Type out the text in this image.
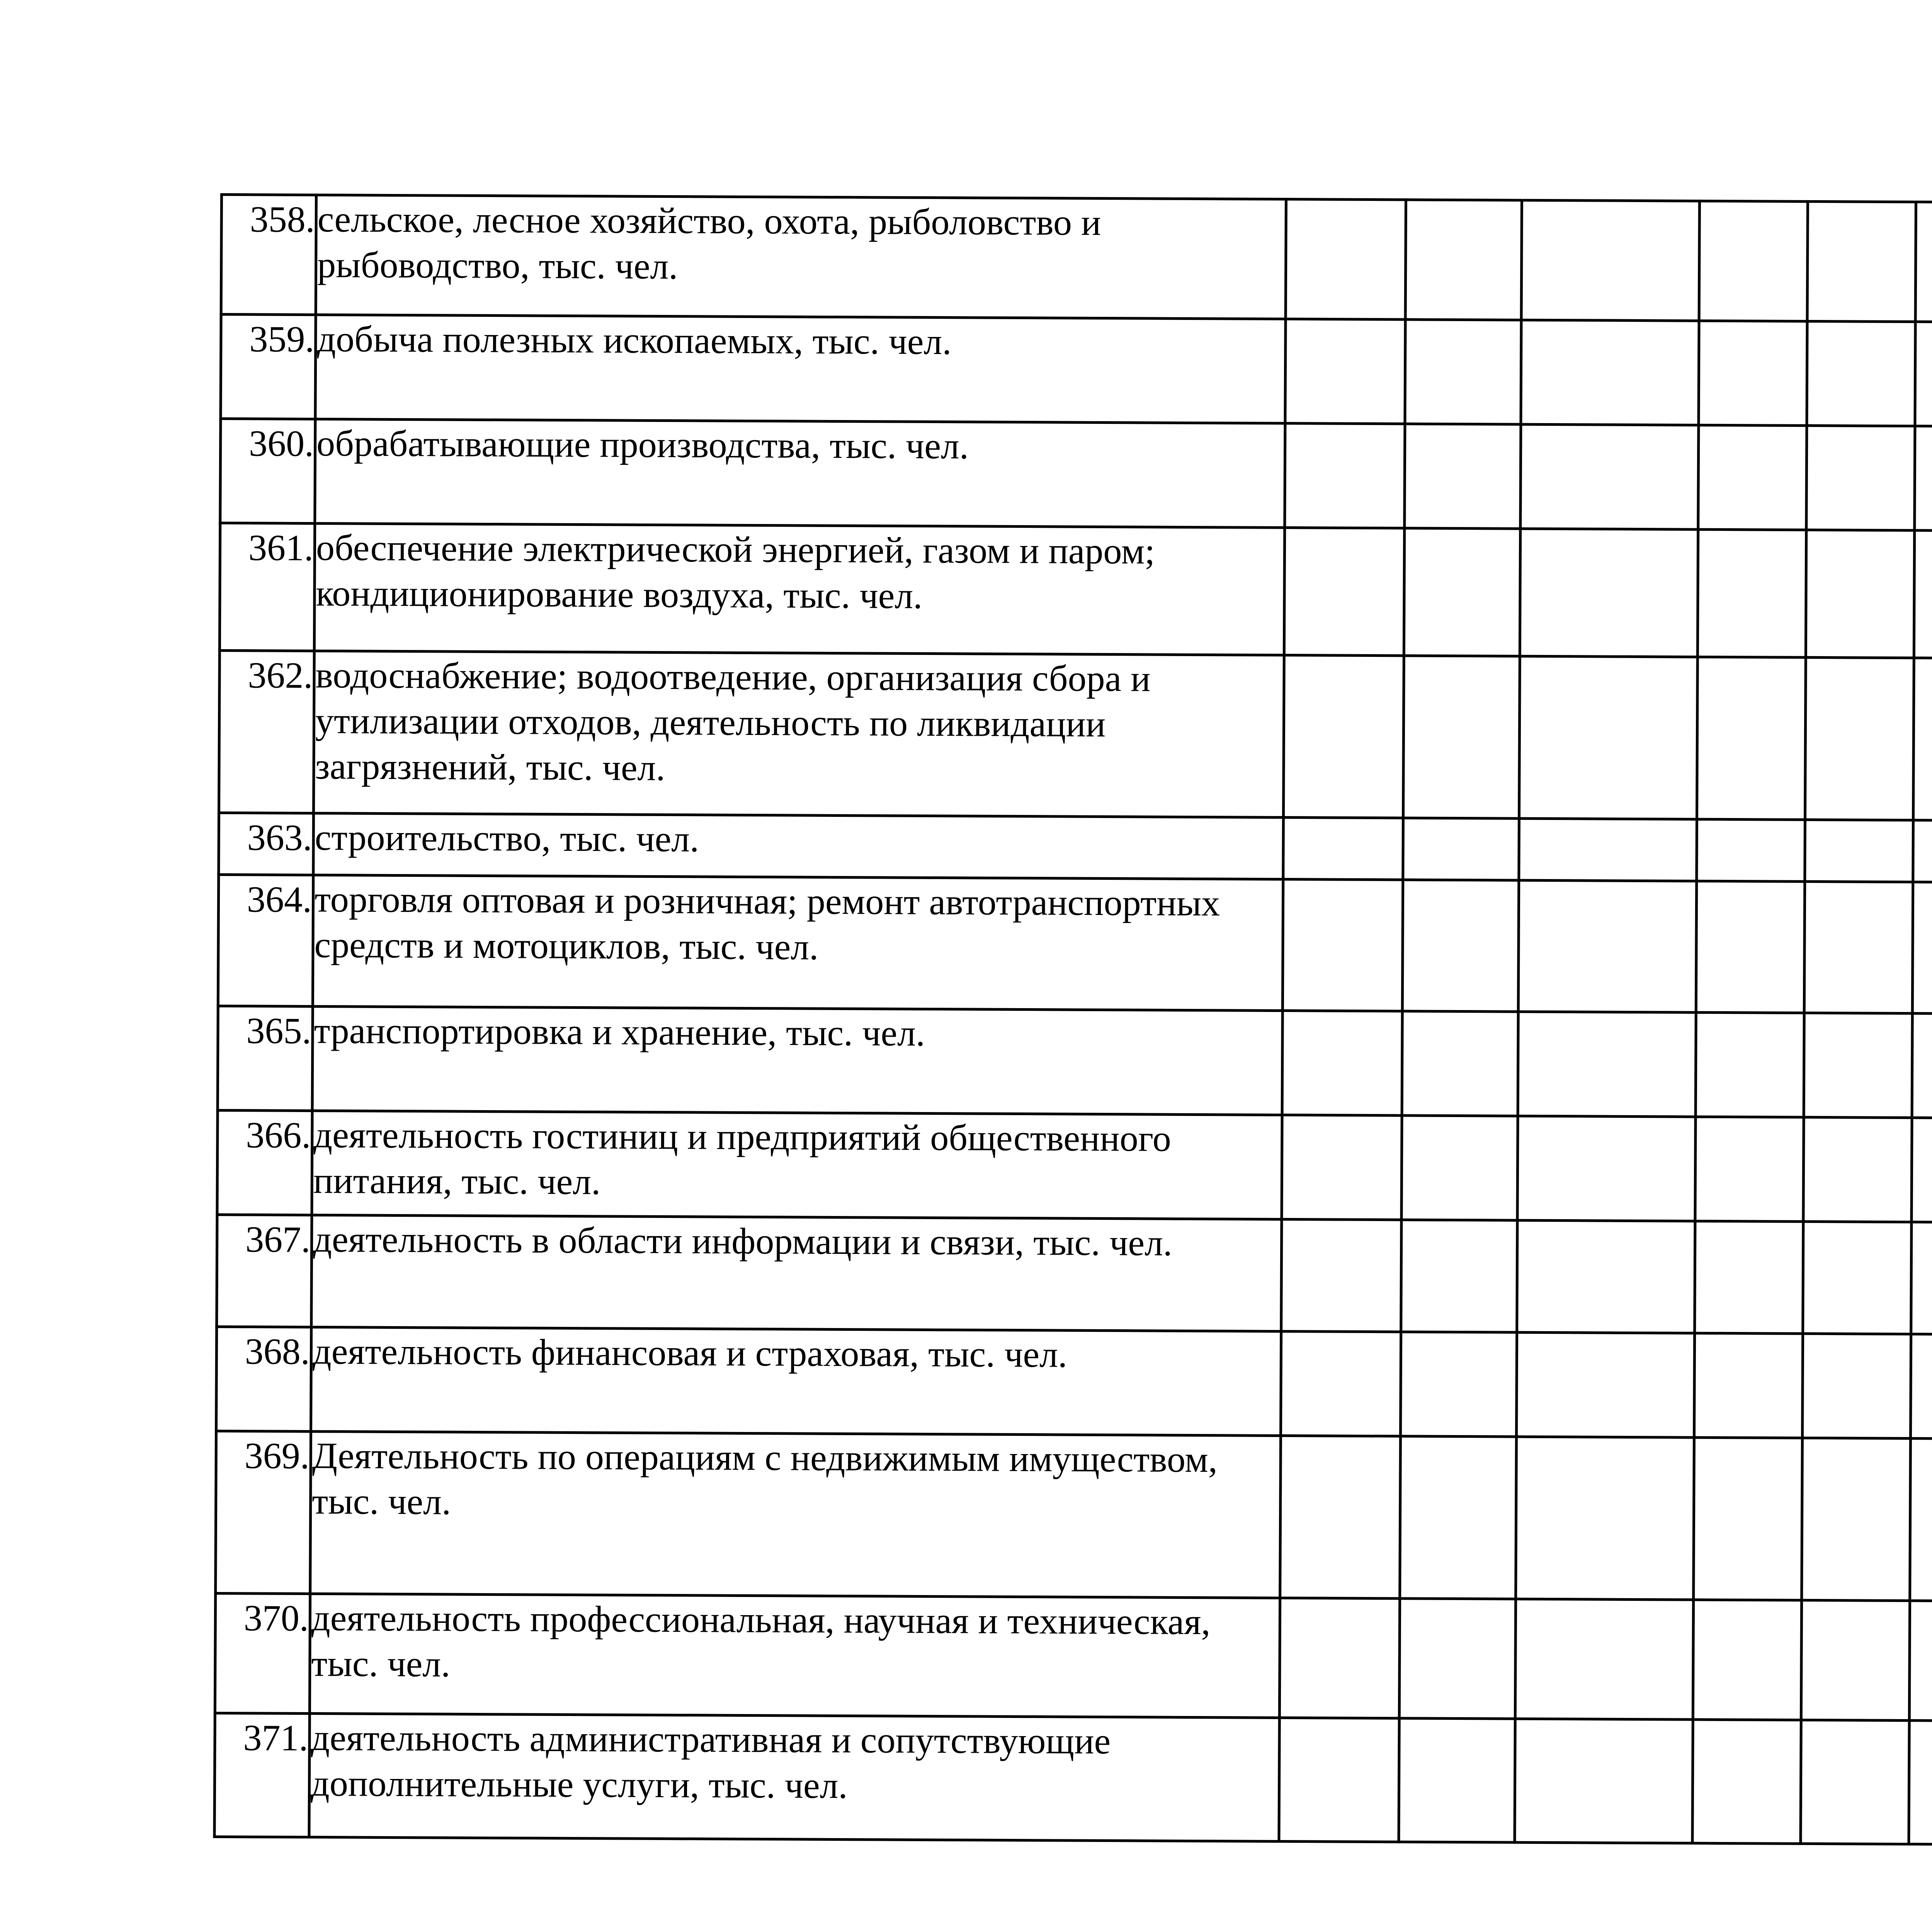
358.	сельское, лесное хозяйство, охота, рыболовство и рыбоводство, тыс. чел.												
359.	добыча полезных ископаемых, тыс. чел.												
360.	обрабатывающие производства, тыс. чел.												
361.	обеспечение электрической энергией, газом и паром; кондиционирование воздуха, тыс. чел.												
362.	водоснабжение; водоотведение, организация сбора и утилизации отходов, деятельность по ликвидации загрязнений, тыс. чел.												
363.	строительство, тыс. чел.												
364.	торговля оптовая и розничная; ремонт автотранспортных средств и мотоциклов, тыс. чел.												
365.	транспортировка и хранение, тыс. чел.												
366.	деятельность гостиниц и предприятий общественного питания, тыс. чел.												
367.	деятельность в области информации и связи, тыс. чел.												
368.	деятельность финансовая и страховая, тыс. чел.												
369.	Деятельность по операциям с недвижимым имуществом, тыс. чел.												
370.	деятельность профессиональная, научная и техническая, тыс. чел.												
371.	деятельность административная и сопутствующие дополнительные услуги, тыс. чел.												
